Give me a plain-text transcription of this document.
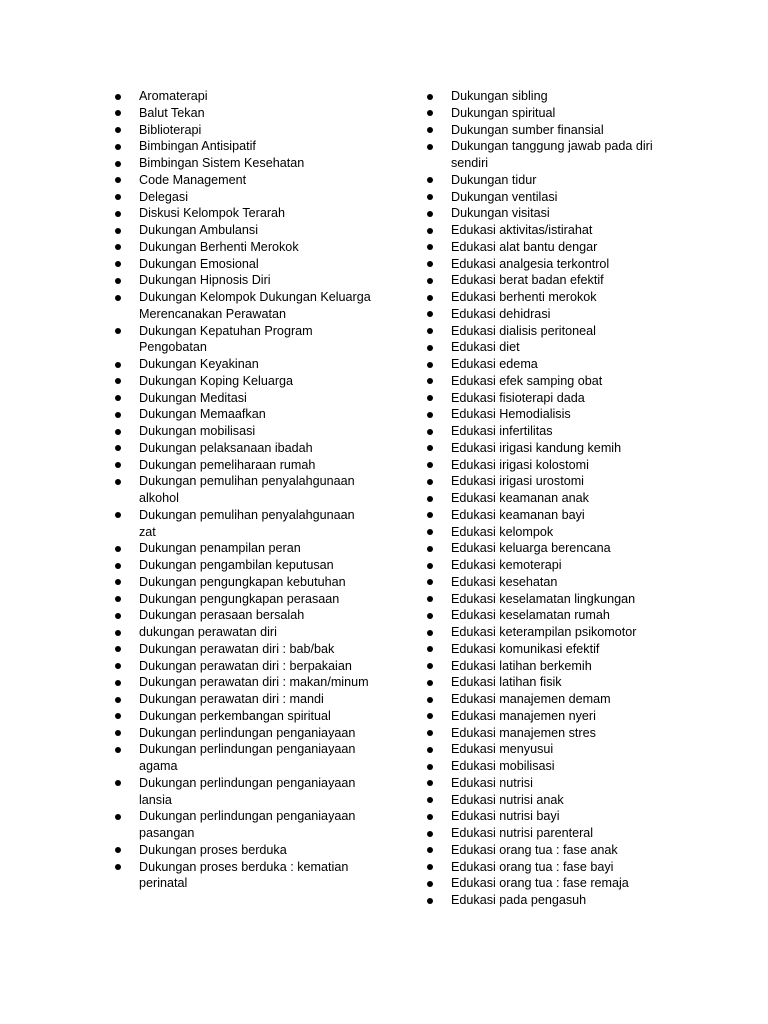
Aromaterapi
Balut Tekan
Biblioterapi
Bimbingan Antisipatif
Bimbingan Sistem Kesehatan
Code Management
Delegasi
Diskusi Kelompok Terarah
Dukungan Ambulansi
Dukungan Berhenti Merokok
Dukungan Emosional
Dukungan Hipnosis Diri
Dukungan Kelompok Dukungan Keluarga Merencanakan Perawatan
Dukungan Kepatuhan Program Pengobatan
Dukungan Keyakinan
Dukungan Koping Keluarga
Dukungan Meditasi
Dukungan Memaafkan
Dukungan mobilisasi
Dukungan pelaksanaan ibadah
Dukungan pemeliharaan rumah
Dukungan pemulihan penyalahgunaan alkohol
Dukungan pemulihan penyalahgunaan zat
Dukungan penampilan peran
Dukungan pengambilan keputusan
Dukungan pengungkapan kebutuhan
Dukungan pengungkapan perasaan
Dukungan perasaan bersalah
dukungan perawatan diri
Dukungan perawatan diri : bab/bak
Dukungan perawatan diri : berpakaian
Dukungan perawatan diri : makan/minum
Dukungan perawatan diri : mandi
Dukungan perkembangan spiritual
Dukungan perlindungan penganiayaan
Dukungan perlindungan penganiayaan agama
Dukungan perlindungan penganiayaan lansia
Dukungan perlindungan penganiayaan pasangan
Dukungan proses berduka
Dukungan proses berduka : kematian perinatal
Dukungan sibling
Dukungan spiritual
Dukungan sumber finansial
Dukungan tanggung jawab pada diri sendiri
Dukungan tidur
Dukungan ventilasi
Dukungan visitasi
Edukasi aktivitas/istirahat
Edukasi alat bantu dengar
Edukasi analgesia terkontrol
Edukasi berat badan efektif
Edukasi berhenti merokok
Edukasi dehidrasi
Edukasi dialisis peritoneal
Edukasi diet
Edukasi edema
Edukasi efek samping obat
Edukasi fisioterapi dada
Edukasi Hemodialisis
Edukasi infertilitas
Edukasi irigasi kandung kemih
Edukasi irigasi kolostomi
Edukasi irigasi urostomi
Edukasi keamanan anak
Edukasi keamanan bayi
Edukasi kelompok
Edukasi keluarga berencana
Edukasi kemoterapi
Edukasi kesehatan
Edukasi keselamatan lingkungan
Edukasi keselamatan rumah
Edukasi keterampilan psikomotor
Edukasi komunikasi efektif
Edukasi latihan berkemih
Edukasi latihan fisik
Edukasi manajemen demam
Edukasi manajemen nyeri
Edukasi manajemen stres
Edukasi menyusui
Edukasi mobilisasi
Edukasi nutrisi
Edukasi nutrisi anak
Edukasi nutrisi bayi
Edukasi nutrisi parenteral
Edukasi orang tua : fase anak
Edukasi orang tua : fase bayi
Edukasi orang tua : fase remaja
Edukasi pada pengasuh
